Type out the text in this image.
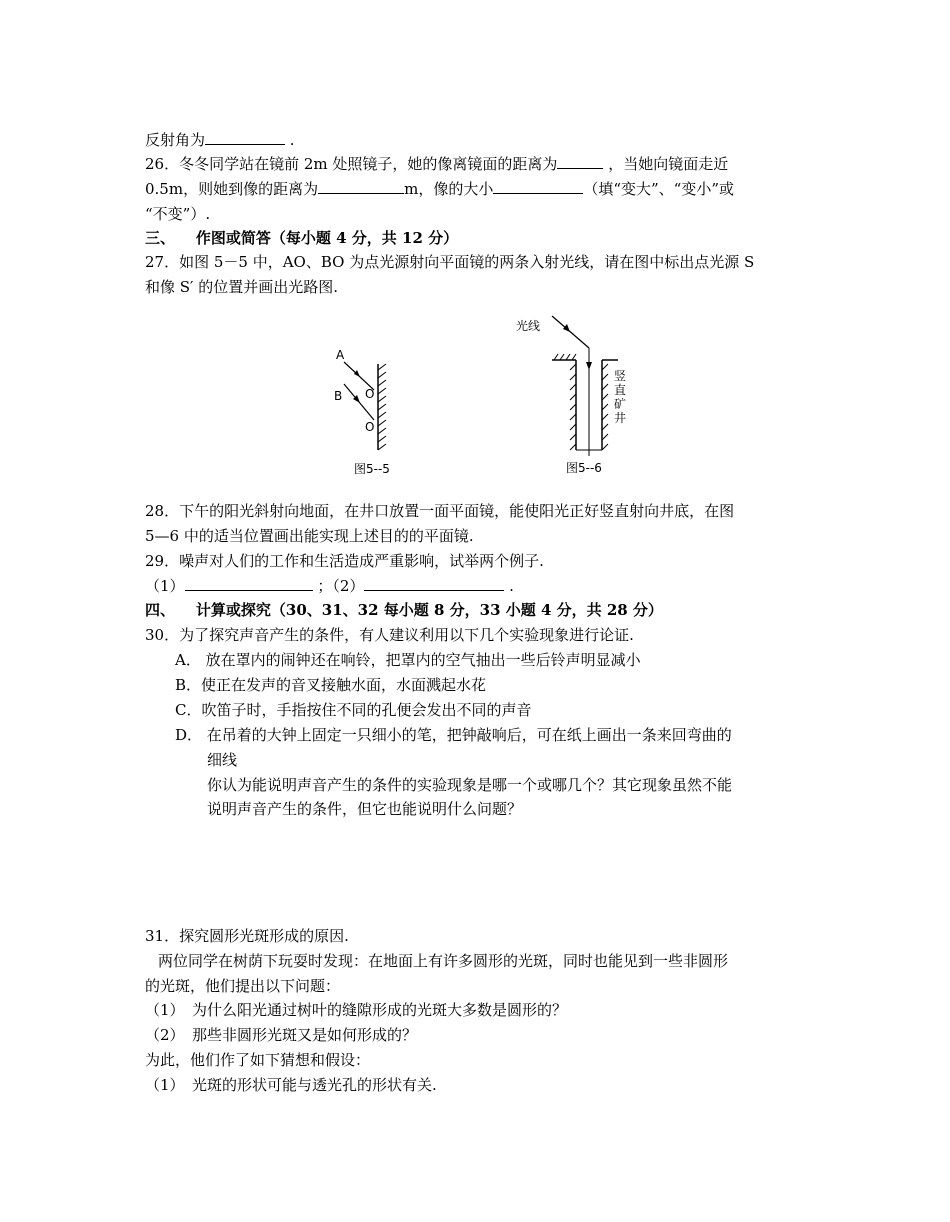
反射角为	.
26．冬冬同学站在镜前 2m 处照镜子，她的像离镜面的距离为	，当她向镜面走近
0.5m，则她到像的距离为	m，像的大小	（填“变大”、“变小”或
“不变”）.
三、 作图或简答（每小题 4 分，共 12 分）
27．如图 5－5 中，AO、BO 为点光源射向平面镜的两条入射光线，请在图中标出点光源 S
和像 S′ 的位置并画出光路图.
A
B O
O
图5--5
光线
竖
直
矿
井
图5--6
28．下午的阳光斜射向地面，在井口放置一面平面镜，能使阳光正好竖直射向井底，在图
5—6 中的适当位置画出能实现上述目的的平面镜.
29．噪声对人们的工作和生活造成严重影响，试举两个例子.
（1）	；（2）	.
四、 计算或探究（30、31、32 每小题 8 分，33 小题 4 分，共 28 分）
30．为了探究声音产生的条件，有人建议利用以下几个实验现象进行论证.
A． 放在罩内的闹钟还在响铃，把罩内的空气抽出一些后铃声明显减小
B．使正在发声的音叉接触水面，水面溅起水花
C．吹笛子时，手指按住不同的孔便会发出不同的声音
D． 在吊着的大钟上固定一只细小的笔，把钟敲响后，可在纸上画出一条来回弯曲的
细线
你认为能说明声音产生的条件的实验现象是哪一个或哪几个？其它现象虽然不能
说明声音产生的条件，但它也能说明什么问题？
31．探究圆形光斑形成的原因.
两位同学在树荫下玩耍时发现：在地面上有许多圆形的光斑，同时也能见到一些非圆形
的光斑，他们提出以下问题：
（1）　为什么阳光通过树叶的缝隙形成的光斑大多数是圆形的？
（2）　那些非圆形光斑又是如何形成的？
为此，他们作了如下猜想和假设：
（1）　光斑的形状可能与透光孔的形状有关.
